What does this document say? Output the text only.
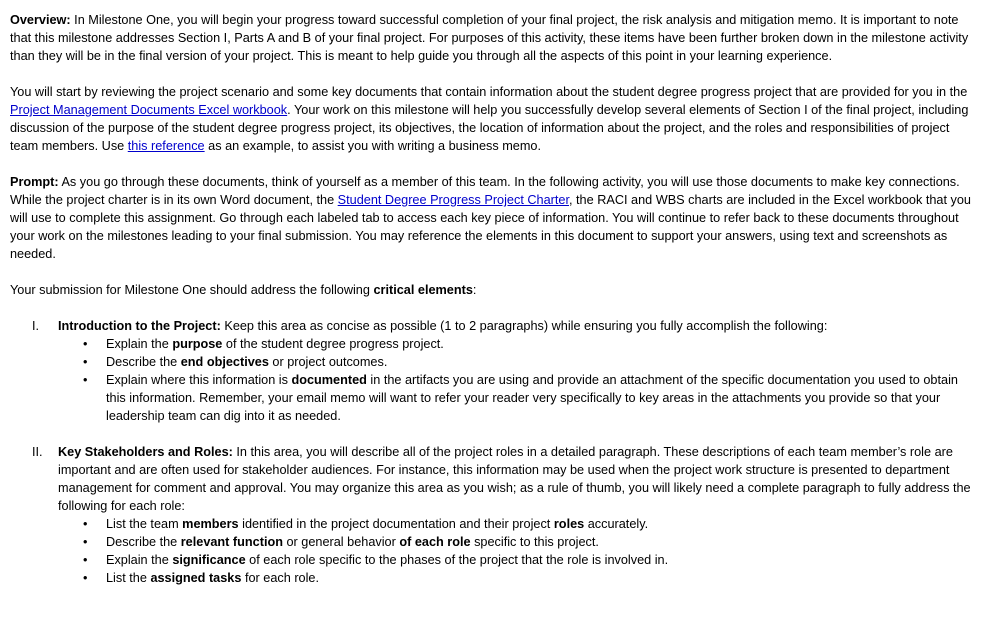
Overview: In Milestone One, you will begin your progress toward successful completion of your final project, the risk analysis and mitigation memo. It is important to note that this milestone addresses Section I, Parts A and B of your final project. For purposes of this activity, these items have been further broken down in the milestone activity than they will be in the final version of your project. This is meant to help guide you through all the aspects of this point in your learning experience.

You will start by reviewing the project scenario and some key documents that contain information about the student degree progress project that are provided for you in the Project Management Documents Excel workbook. Your work on this milestone will help you successfully develop several elements of Section I of the final project, including discussion of the purpose of the student degree progress project, its objectives, the location of information about the project, and the roles and responsibilities of project team members. Use this reference as an example, to assist you with writing a business memo.

Prompt: As you go through these documents, think of yourself as a member of this team. In the following activity, you will use those documents to make key connections. While the project charter is in its own Word document, the Student Degree Progress Project Charter, the RACI and WBS charts are included in the Excel workbook that you will use to complete this assignment. Go through each labeled tab to access each key piece of information. You will continue to refer back to these documents throughout your work on the milestones leading to your final submission. You may reference the elements in this document to support your answers, using text and screenshots as needed.

Your submission for Milestone One should address the following critical elements:

I.	Introduction to the Project: Keep this area as concise as possible (1 to 2 paragraphs) while ensuring you fully accomplish the following:
• Explain the purpose of the student degree progress project.
• Describe the end objectives or project outcomes.
• Explain where this information is documented in the artifacts you are using and provide an attachment of the specific documentation you used to obtain this information. Remember, your email memo will want to refer your reader very specifically to key areas in the attachments you provide so that your leadership team can dig into it as needed.
II.	Key Stakeholders and Roles: In this area, you will describe all of the project roles in a detailed paragraph. These descriptions of each team member’s role are important and are often used for stakeholder audiences. For instance, this information may be used when the project work structure is presented to department management for comment and approval. You may organize this area as you wish; as a rule of thumb, you will likely need a complete paragraph to fully address the following for each role:
• List the team members identified in the project documentation and their project roles accurately.
• Describe the relevant function or general behavior of each role specific to this project.
• Explain the significance of each role specific to the phases of the project that the role is involved in.
• List the assigned tasks for each role.
